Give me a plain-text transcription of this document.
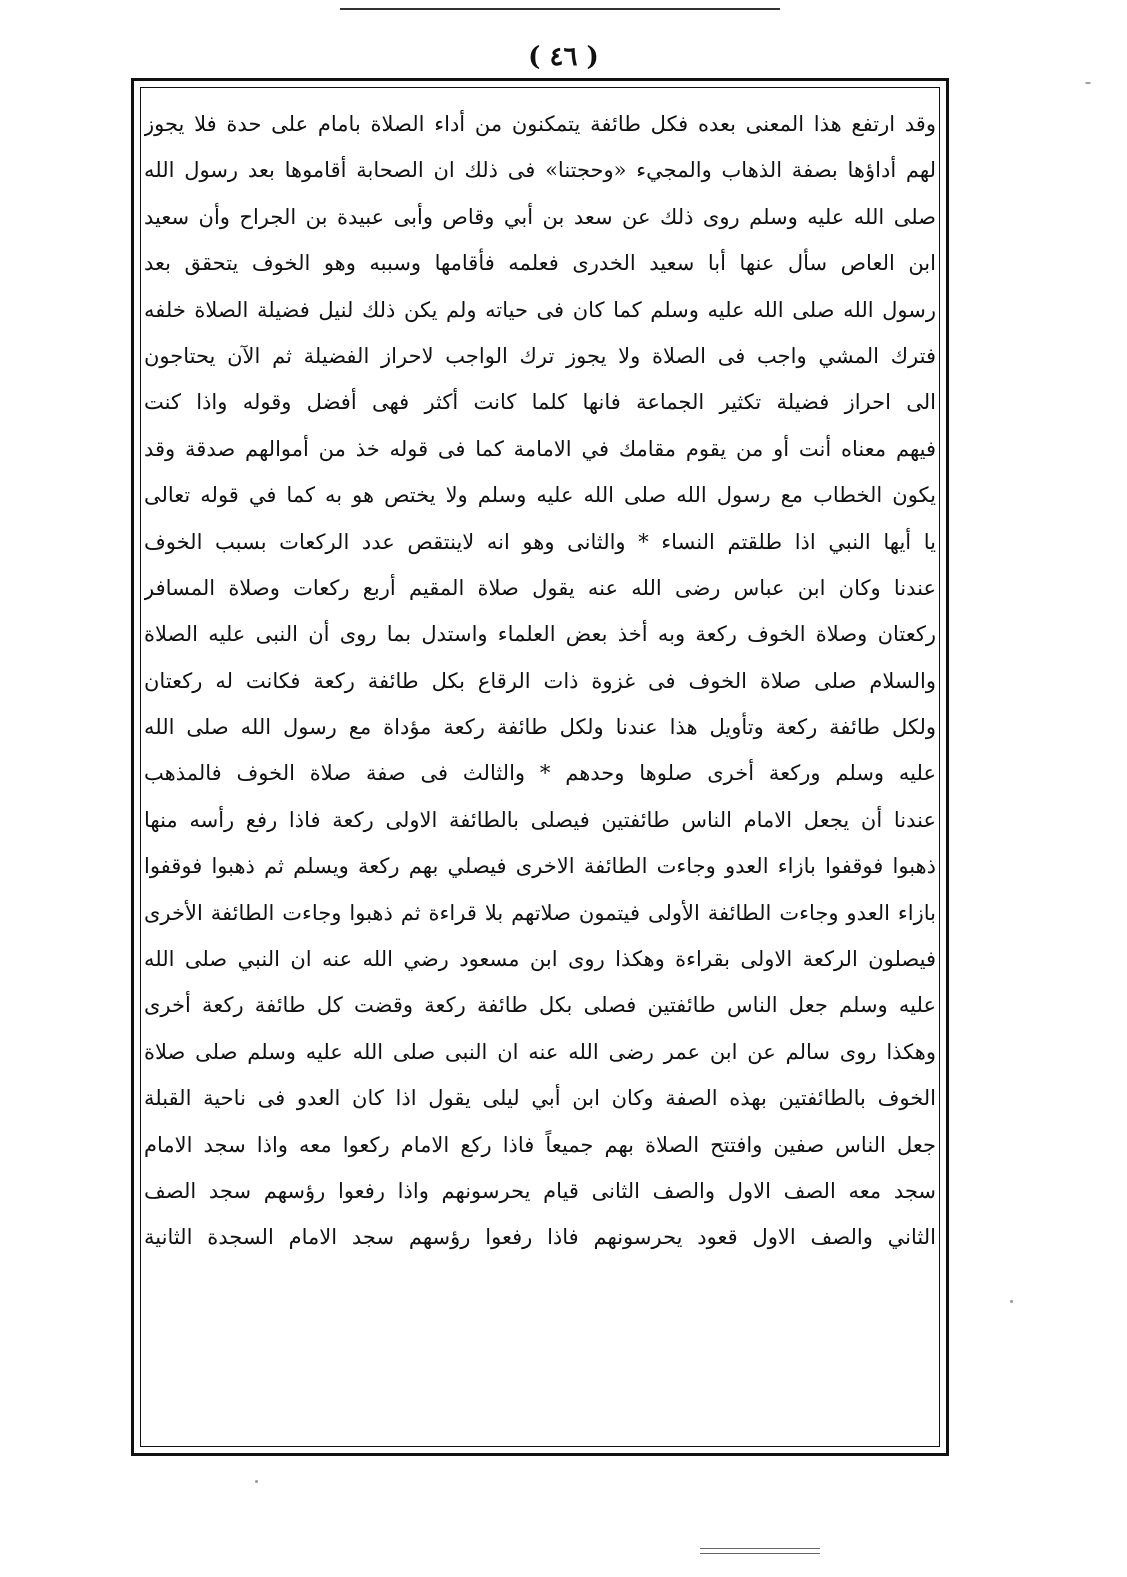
( ٤٦ )
وقد ارتفع هذا المعنى بعده فكل طائفة يتمكنون من أداء الصلاة بامام على حدة فلا يجوز
لهم أداؤها بصفة الذهاب والمجيء «وحجتنا» فى ذلك ان الصحابة أقاموها بعد رسول الله
صلى الله عليه وسلم روى ذلك عن سعد بن أبي وقاص وأبى عبيدة بن الجراح وأن سعيد
ابن العاص سأل عنها أبا سعيد الخدرى فعلمه فأقامها وسببه وهو الخوف يتحقق بعد
رسول الله صلى الله عليه وسلم كما كان فى حياته ولم يكن ذلك لنيل فضيلة الصلاة خلفه
فترك المشي واجب فى الصلاة ولا يجوز ترك الواجب لاحراز الفضيلة ثم الآن يحتاجون
الى احراز فضيلة تكثير الجماعة فانها كلما كانت أكثر فهى أفضل وقوله واذا كنت
فيهم معناه أنت أو من يقوم مقامك في الامامة كما فى قوله خذ من أموالهم صدقة وقد
يكون الخطاب مع رسول الله صلى الله عليه وسلم ولا يختص هو به كما في قوله تعالى
يا أيها النبي اذا طلقتم النساء * والثانى وهو انه لاينتقص عدد الركعات بسبب الخوف
عندنا وكان ابن عباس رضى الله عنه يقول صلاة المقيم أربع ركعات وصلاة المسافر
ركعتان وصلاة الخوف ركعة وبه أخذ بعض العلماء واستدل بما روى أن النبى عليه الصلاة
والسلام صلى صلاة الخوف فى غزوة ذات الرقاع بكل طائفة ركعة فكانت له ركعتان
ولكل طائفة ركعة وتأويل هذا عندنا ولكل طائفة ركعة مؤداة مع رسول الله صلى الله
عليه وسلم وركعة أخرى صلوها وحدهم * والثالث فى صفة صلاة الخوف فالمذهب
عندنا أن يجعل الامام الناس طائفتين فيصلى بالطائفة الاولى ركعة فاذا رفع رأسه منها
ذهبوا فوقفوا بازاء العدو وجاءت الطائفة الاخرى فيصلي بهم ركعة ويسلم ثم ذهبوا فوقفوا
بازاء العدو وجاءت الطائفة الأولى فيتمون صلاتهم بلا قراءة ثم ذهبوا وجاءت الطائفة الأخرى
فيصلون الركعة الاولى بقراءة وهكذا روى ابن مسعود رضي الله عنه ان النبي صلى الله
عليه وسلم جعل الناس طائفتين فصلى بكل طائفة ركعة وقضت كل طائفة ركعة أخرى
وهكذا روى سالم عن ابن عمر رضى الله عنه ان النبى صلى الله عليه وسلم صلى صلاة
الخوف بالطائفتين بهذه الصفة وكان ابن أبي ليلى يقول اذا كان العدو فى ناحية القبلة
جعل الناس صفين وافتتح الصلاة بهم جميعاً فاذا ركع الامام ركعوا معه واذا سجد الامام
سجد معه الصف الاول والصف الثانى قيام يحرسونهم واذا رفعوا رؤسهم سجد الصف
الثاني والصف الاول قعود يحرسونهم فاذا رفعوا رؤسهم سجد الامام السجدة الثانية
